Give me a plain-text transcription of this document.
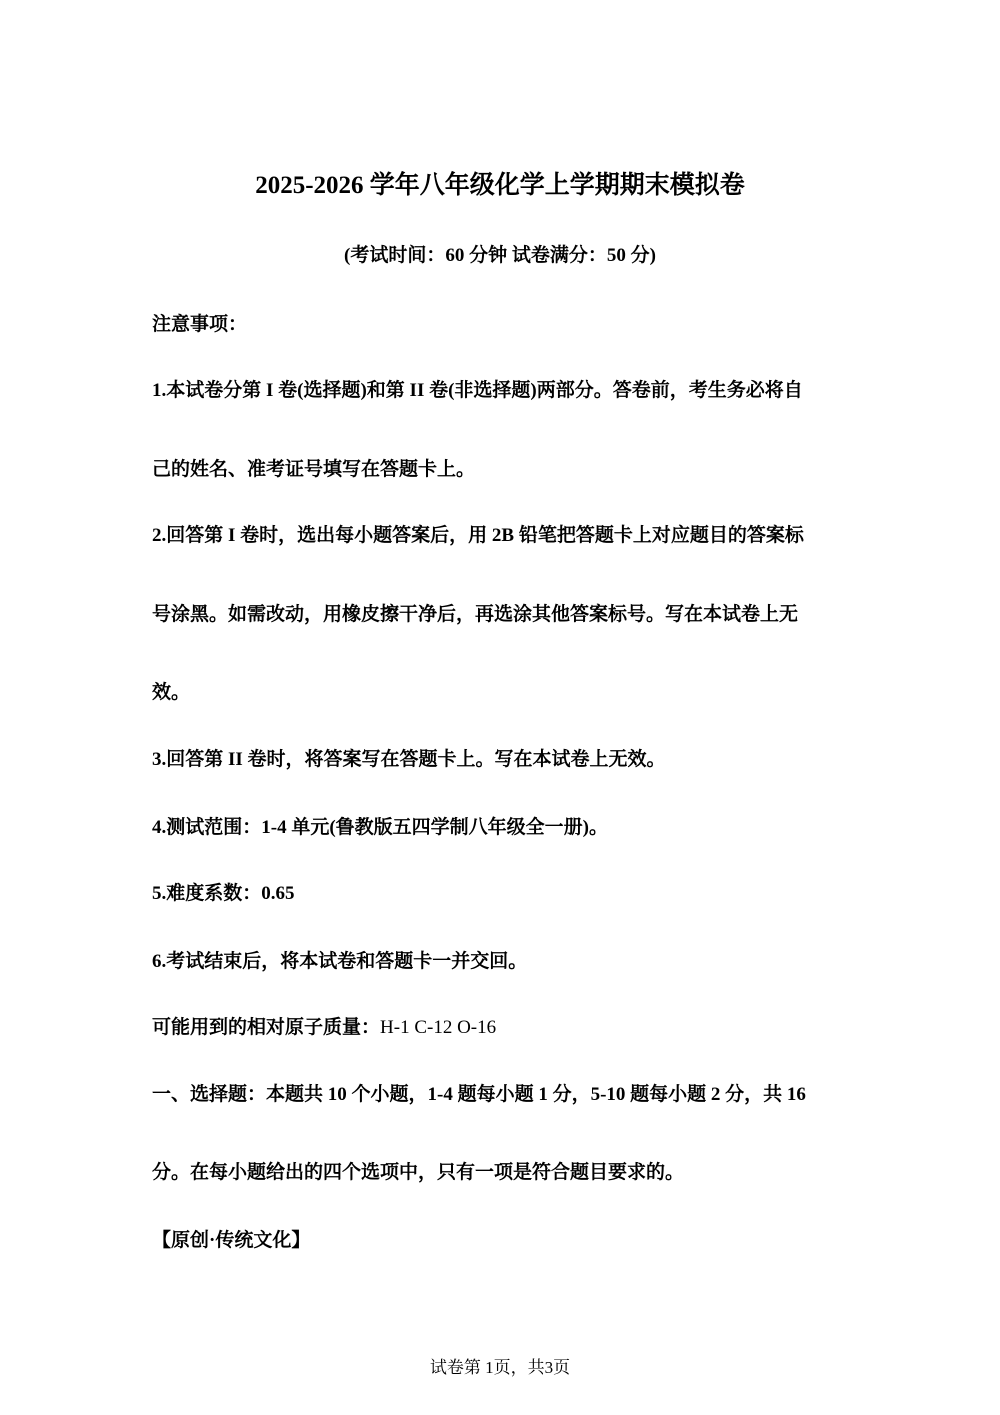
2025-2026 学年八年级化学上学期期末模拟卷
(考试时间：60 分钟 试卷满分：50 分)
注意事项：
1.本试卷分第 I 卷(选择题)和第 II 卷(非选择题)两部分。答卷前，考生务必将自
己的姓名、准考证号填写在答题卡上。
2.回答第 I 卷时，选出每小题答案后，用 2B 铅笔把答题卡上对应题目的答案标
号涂黑。如需改动，用橡皮擦干净后，再选涂其他答案标号。写在本试卷上无
效。
3.回答第 II 卷时，将答案写在答题卡上。写在本试卷上无效。
4.测试范围：1-4 单元(鲁教版五四学制八年级全一册)。
5.难度系数：0.65
6.考试结束后，将本试卷和答题卡一并交回。
可能用到的相对原子质量：H-1 C-12 O-16
一、选择题：本题共 10 个小题，1-4 题每小题 1 分，5-10 题每小题 2 分，共 16
分。在每小题给出的四个选项中，只有一项是符合题目要求的。
【原创·传统文化】
试卷第 1页，共3页
